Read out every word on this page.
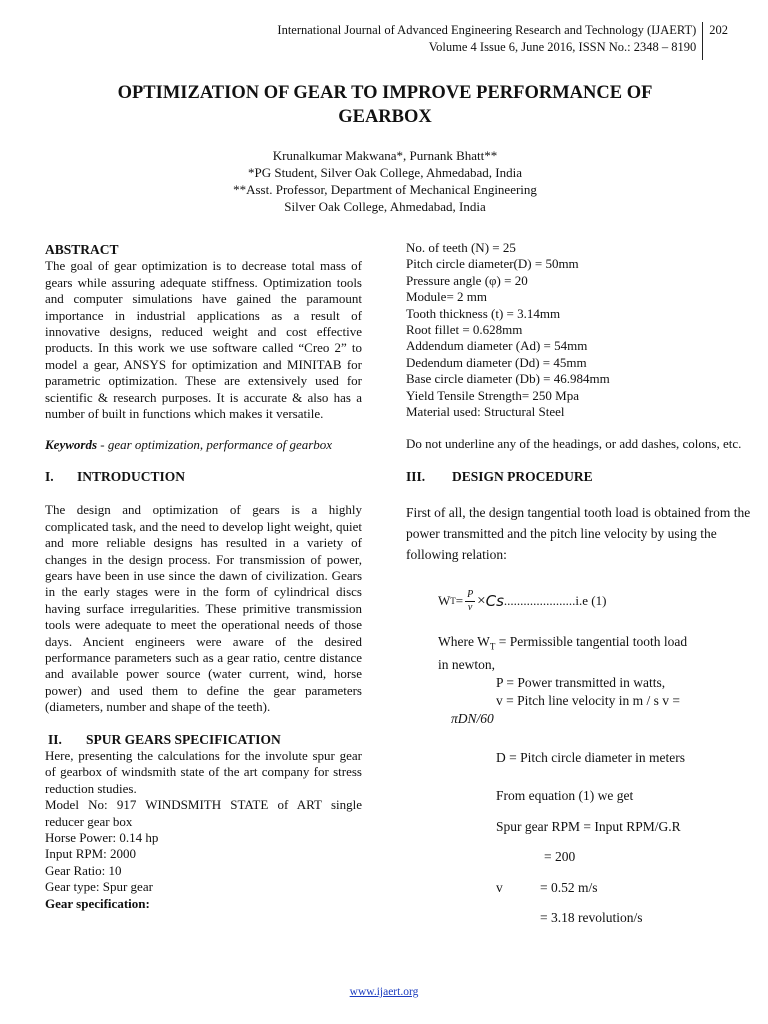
International Journal of Advanced Engineering Research and Technology (IJAERT)
Volume 4 Issue 6, June 2016, ISSN No.: 2348 – 8190
202
OPTIMIZATION OF GEAR TO IMPROVE PERFORMANCE OF
GEARBOX
Krunalkumar Makwana*, Purnank Bhatt**
*PG Student, Silver Oak College, Ahmedabad, India
**Asst. Professor, Department of Mechanical Engineering
Silver Oak College, Ahmedabad, India

ABSTRACT

The goal of gear optimization is to decrease total mass of gears while assuring adequate stiffness. Optimization tools and computer simulations have gained the paramount importance in industrial applications as a result of innovative designs, reduced weight and cost effective products. In this work we use software called “Creo 2” to model a gear, ANSYS for optimization and MINITAB for parametric optimization. These are extensively used for scientific & research purposes. It is accurate & also has a number of built in functions which makes it versatile.

Keywords - gear optimization, performance of gearbox

I.	INTRODUCTION

The design and optimization of gears is a highly complicated task, and the need to develop light weight, quiet and more reliable designs has resulted in a variety of changes in the design process. For transmission of power, gears have been in use since the dawn of civilization. Gears in the early stages were in the form of cylindrical discs having surface irregularities. These primitive transmission tools were adequate to meet the operational needs of those days. Ancient engineers were aware of the desired performance parameters such as a gear ratio, centre distance and available power source (water current, wind, horse power) and used them to define the gear parameters (diameters, number and shape of the teeth).

II.	SPUR GEARS SPECIFICATION

Here, presenting the calculations for the involute spur gear of gearbox of windsmith state of the art company for stress reduction studies.

Model No: 917 WINDSMITH STATE of ART single reducer gear box

Horse Power: 0.14 hp

Input RPM: 2000

Gear Ratio: 10

Gear type: Spur gear

Gear specification:

No. of teeth (N) = 25

Pitch circle diameter(D) = 50mm

Pressure angle (φ) = 20

Module= 2 mm

Tooth thickness (t) = 3.14mm

Root fillet = 0.628mm

Addendum diameter (Ad) = 54mm

Dedendum diameter (Dd) = 45mm

Base circle diameter (Db) = 46.984mm

Yield Tensile Strength= 250 Mpa

Material used: Structural Steel

Do not underline any of the headings, or add dashes, colons, etc.

III.	DESIGN PROCEDURE

First of all, the design tangential tooth load is obtained from the power transmitted and the pitch line velocity by using the following relation:

W $T = \frac{P}{v} \times Cs$ ......................i.e (1)

Where $W_T$ = Permissible tangential tooth load

in newton,

P = Power transmitted in watts,

v = Pitch line velocity in m / s v =

πDN/60

D = Pitch circle diameter in meters

From equation (1) we get

Spur gear RPM = Input RPM/G.R

= 200

v	= 0.52 m/s

= 3.18 revolution/s

www.ijaert.org
